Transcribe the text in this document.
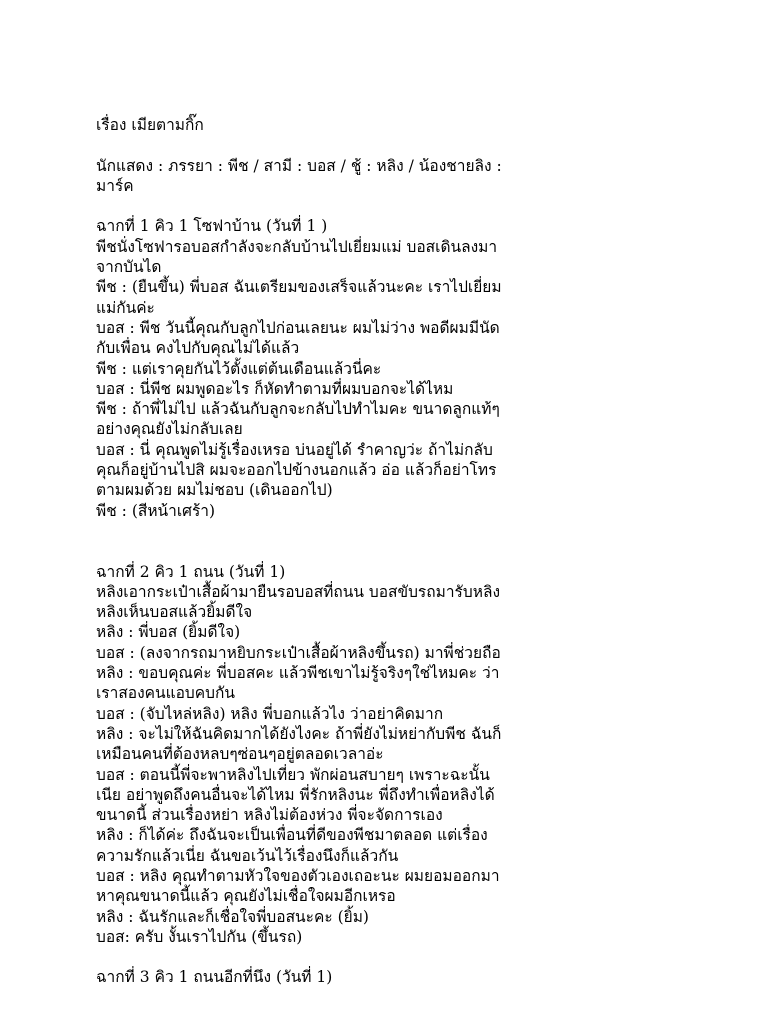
เรื่อง เมียตามกิ๊ก
นักแสดง : ภรรยา : พีช / สามี : บอส / ชู้ : หลิง / น้องชายลิง :
มาร์ค
ฉากที่ 1 คิว 1 โซฟาบ้าน (วันที่ 1 )
พีชนั่งโซฟารอบอสกำลังจะกลับบ้านไปเยี่ยมแม่ บอสเดินลงมา
จากบันได
พีช : (ยืนขึ้น) พี่บอส ฉันเตรียมของเสร็จแล้วนะคะ เราไปเยี่ยม
แม่กันค่ะ
บอส : พีช วันนี้คุณกับลูกไปก่อนเลยนะ ผมไม่ว่าง พอดีผมมีนัด
กับเพื่อน คงไปกับคุณไม่ได้แล้ว
พีช : แต่เราคุยกันไว้ตั้งแต่ต้นเดือนแล้วนี่คะ
บอส : นี่พีช ผมพูดอะไร ก็หัดทำตามที่ผมบอกจะได้ไหม
พีช : ถ้าพี่ไม่ไป แล้วฉันกับลูกจะกลับไปทำไมคะ ขนาดลูกแท้ๆ
อย่างคุณยังไม่กลับเลย
บอส : นี่ คุณพูดไม่รู้เรื่องเหรอ บ่นอยู่ได้ รำคาญว่ะ ถ้าไม่กลับ
คุณก็อยู่บ้านไปสิ ผมจะออกไปข้างนอกแล้ว อ่อ แล้วก็อย่าโทร
ตามผมด้วย ผมไม่ชอบ (เดินออกไป)
พีช : (สีหน้าเศร้า)
ฉากที่ 2 คิว 1 ถนน (วันที่ 1)
หลิงเอากระเป๋าเสื้อผ้ามายืนรอบอสที่ถนน บอสขับรถมารับหลิง
หลิงเห็นบอสแล้วยิ้มดีใจ
หลิง : พี่บอส (ยิ้มดีใจ)
บอส : (ลงจากรถมาหยิบกระเป๋าเสื้อผ้าหลิงขึ้นรถ) มาพี่ช่วยถือ
หลิง : ขอบคุณค่ะ พี่บอสคะ แล้วพีชเขาไม่รู้จริงๆใช่ไหมคะ ว่า
เราสองคนแอบคบกัน
บอส : (จับไหล่หลิง) หลิง พี่บอกแล้วไง ว่าอย่าคิดมาก
หลิง : จะไม่ให้ฉันคิดมากได้ยังไงคะ ถ้าพี่ยังไม่หย่ากับพีช ฉันก็
เหมือนคนที่ต้องหลบๆซ่อนๆอยู่ตลอดเวลาอ่ะ
บอส : ตอนนี้พี่จะพาหลิงไปเที่ยว พักผ่อนสบายๆ เพราะฉะนั้น
เนีย อย่าพูดถึงคนอื่นจะได้ไหม พี่รักหลิงนะ พี่ถึงทำเพื่อหลิงได้
ขนาดนี้ ส่วนเรื่องหย่า หลิงไม่ต้องห่วง พี่จะจัดการเอง
หลิง : ก็ได้ค่ะ ถึงฉันจะเป็นเพื่อนที่ดีของพีชมาตลอด แต่เรื่อง
ความรักแล้วเนี่ย ฉันขอเว้นไว้เรื่องนึงก็แล้วกัน
บอส : หลิง คุณทำตามหัวใจของตัวเองเถอะนะ ผมยอมออกมา
หาคุณขนาดนี้แล้ว คุณยังไม่เชื่อใจผมอีกเหรอ
หลิง : ฉันรักและก็เชื่อใจพี่บอสนะคะ (ยิ้ม)
บอส: ครับ งั้นเราไปกัน (ขึ้นรถ)
ฉากที่ 3 คิว 1 ถนนอีกที่นึง (วันที่ 1)
